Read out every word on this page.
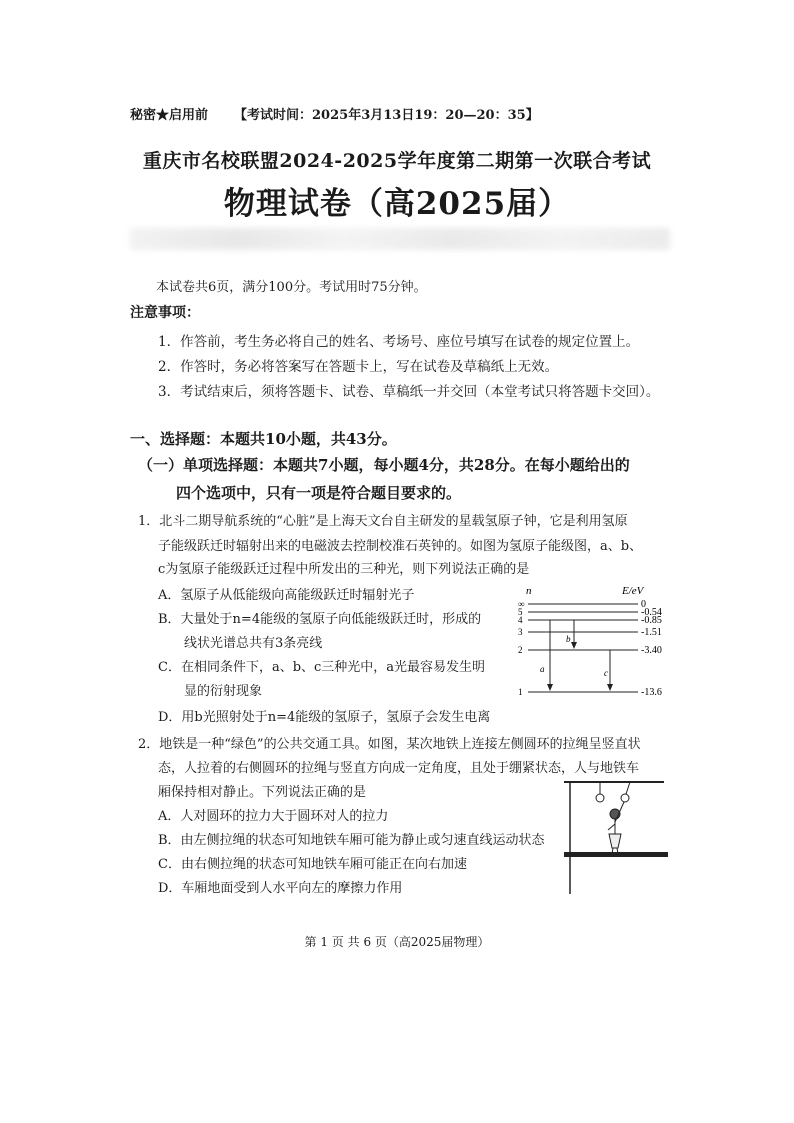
秘密★启用前 【考试时间：2025年3月13日19：20—20：35】
重庆市名校联盟2024-2025学年度第二期第一次联合考试
物理试卷（高2025届）
本试卷共6页，满分100分。考试用时75分钟。
注意事项：
1．作答前，考生务必将自己的姓名、考场号、座位号填写在试卷的规定位置上。
2．作答时，务必将答案写在答题卡上，写在试卷及草稿纸上无效。
3．考试结束后，须将答题卡、试卷、草稿纸一并交回（本堂考试只将答题卡交回）。
一、选择题：本题共10小题，共43分。
（一）单项选择题：本题共7小题，每小题4分，共28分。在每小题给出的
四个选项中，只有一项是符合题目要求的。
1．北斗二期导航系统的“心脏”是上海天文台自主研发的星载氢原子钟，它是利用氢原
子能级跃迁时辐射出来的电磁波去控制校准石英钟的。如图为氢原子能级图，a、b、
c为氢原子能级跃迁过程中所发出的三种光，则下列说法正确的是
A．氢原子从低能级向高能级跃迁时辐射光子
B．大量处于n=4能级的氢原子向低能级跃迁时，形成的
线状光谱总共有3条亮线
C．在相同条件下，a、b、c三种光中，a光最容易发生明
显的衍射现象
D．用b光照射处于n=4能级的氢原子，氢原子会发生电离
n	E/eV
∞	0
5	-0.54
4	-0.85
3	-1.51
2	-3.40
1	-13.6
a
b
c
2．地铁是一种“绿色”的公共交通工具。如图，某次地铁上连接左侧圆环的拉绳呈竖直状
态，人拉着的右侧圆环的拉绳与竖直方向成一定角度，且处于绷紧状态，人与地铁车
厢保持相对静止。下列说法正确的是
A．人对圆环的拉力大于圆环对人的拉力
B．由左侧拉绳的状态可知地铁车厢可能为静止或匀速直线运动状态
C．由右侧拉绳的状态可知地铁车厢可能正在向右加速
D．车厢地面受到人水平向左的摩擦力作用
第 1 页 共 6 页（高2025届物理）
